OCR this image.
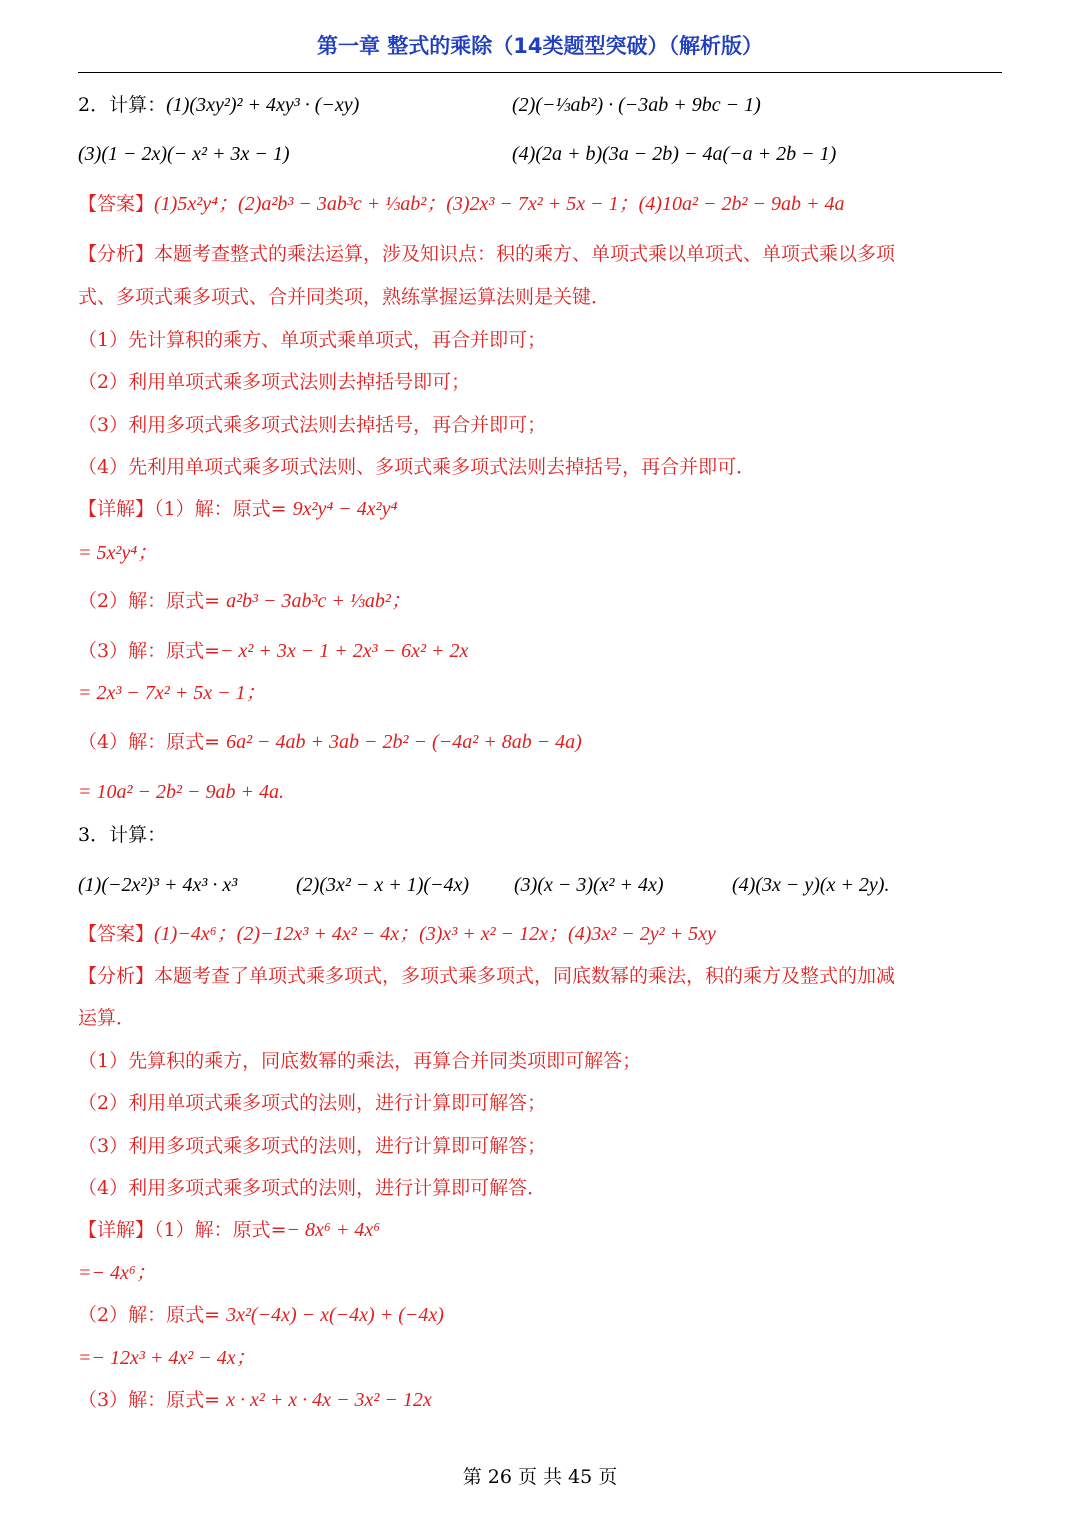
第一章 整式的乘除（14类题型突破）（解析版）
2．计算：(1)(3xy²)² + 4xy³ · (−xy)	(2)(−⅓ab²) · (−3ab + 9bc − 1)
(3)(1 − 2x)(− x² + 3x − 1)	(4)(2a + b)(3a − 2b) − 4a(−a + 2b − 1)
【答案】(1)5x²y⁴；(2)a²b³ − 3ab³c + ⅓ab²；(3)2x³ − 7x² + 5x − 1；(4)10a² − 2b² − 9ab + 4a
【分析】本题考查整式的乘法运算，涉及知识点：积的乘方、单项式乘以单项式、单项式乘以多项
式、多项式乘多项式、合并同类项，熟练掌握运算法则是关键．
（1）先计算积的乘方、单项式乘单项式，再合并即可；
（2）利用单项式乘多项式法则去掉括号即可；
（3）利用多项式乘多项式法则去掉括号，再合并即可；
（4）先利用单项式乘多项式法则、多项式乘多项式法则去掉括号，再合并即可．
【详解】（1）解：原式= 9x²y⁴ − 4x²y⁴
= 5x²y⁴；
（2）解：原式= a²b³ − 3ab³c + ⅓ab²；
（3）解：原式=− x² + 3x − 1 + 2x³ − 6x² + 2x
= 2x³ − 7x² + 5x − 1；
（4）解：原式= 6a² − 4ab + 3ab − 2b² − (−4a² + 8ab − 4a)
= 10a² − 2b² − 9ab + 4a.
3．计算：
(1)(−2x²)³ + 4x³ · x³	(2)(3x² − x + 1)(−4x) (3)(x − 3)(x² + 4x)	(4)(3x − y)(x + 2y).
【答案】(1)−4x⁶；(2)−12x³ + 4x² − 4x；(3)x³ + x² − 12x；(4)3x² − 2y² + 5xy
【分析】本题考查了单项式乘多项式，多项式乘多项式，同底数幂的乘法，积的乘方及整式的加减
运算．
（1）先算积的乘方，同底数幂的乘法，再算合并同类项即可解答；
（2）利用单项式乘多项式的法则，进行计算即可解答；
（3）利用多项式乘多项式的法则，进行计算即可解答；
（4）利用多项式乘多项式的法则，进行计算即可解答．
【详解】（1）解：原式=− 8x⁶ + 4x⁶
=− 4x⁶；
（2）解：原式= 3x²(−4x) − x(−4x) + (−4x)
=− 12x³ + 4x² − 4x；
（3）解：原式= x · x² + x · 4x − 3x² − 12x
第 26 页 共 45 页
